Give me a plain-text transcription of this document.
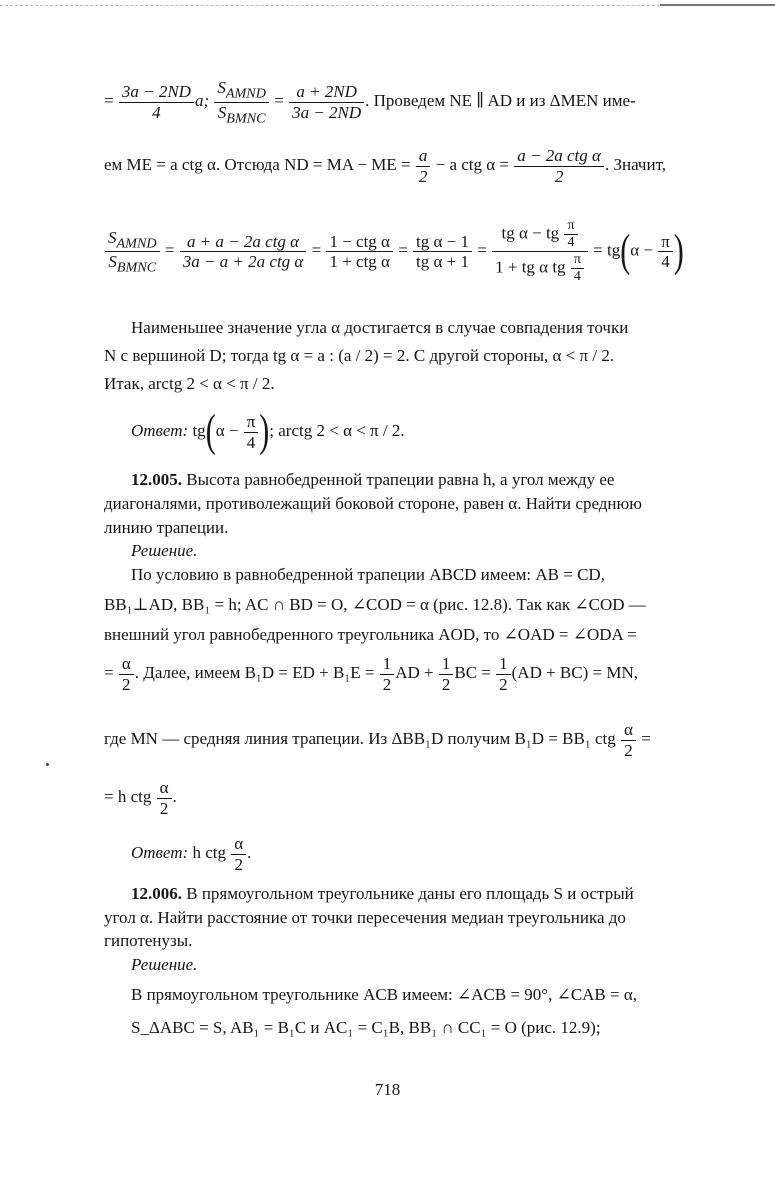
= $\frac{3a - 2ND}{4} a$; $\frac{S_{AMND}}{S_{BMNC}} = \frac{a + 2ND}{3a - 2ND}$ . Проведем NE ∥ AD и из ΔMEN име-
ем ME = a ctg α. Отсюда ND = MA − ME = $\frac{a}{2} - a$ ctg $\alpha = \frac{\text{a − 2a ctg α}}{2}$ . Значит,
$\frac{S_{AMND}}{S_{BMNC}} = \frac{\text{a + a − 2a ctg α}}{\text{3a − a + 2a ctg α}} = \frac{\text{1 − ctg α}}{\text{1 + ctg α}} = \frac{\text{tg α − 1}}{\text{tg α + 1}} = \frac{tg \alpha - tg \frac{\pi}{4}}{1 + tg \alpha tg \frac{\pi}{4}} = tg(\alpha - \frac{\pi}{4}$ )
Наименьшее значение угла α достигается в случае совпадения точки
N с вершиной D; тогда tg α = a : (a / 2) = 2. С другой стороны, α < π / 2.
Итак, arctg 2 < α < π / 2.
Ответ: $tg(\alpha - \frac{\pi}{4}$ ); arctg 2 < α < π / 2.
12.005. Высота равнобедренной трапеции равна h, а угол между ее
диагоналями, противолежащий боковой стороне, равен α. Найти среднюю
линию трапеции.
Решение.
По условию в равнобедренной трапеции ABCD имеем: AB = CD,
BB₁⊥AD, BB₁ = h; AC ∩ BD = O, ∠COD = α (рис. 12.8). Так как ∠COD —
внешний угол равнобедренного треугольника AOD, то ∠OAD = ∠ODA =
= $\frac{\alpha}{2}$ . Далее, имеем B₁D = ED + $B_1E = \frac{1}{2}$ AD + $\frac{1}{2}$ BC = $\frac{1}{2} (AD + BC)$ = MN,
где MN — средняя линия трапеции. Из ΔBB₁D получим B₁D = BB₁ ctg $\frac{\alpha}{2}$ =
= h ctg $\frac{\alpha}{2}$ .
Ответ: h ctg $\frac{\alpha}{2}$ .
12.006. В прямоугольном треугольнике даны его площадь S и острый
угол α. Найти расстояние от точки пересечения медиан треугольника до
гипотенузы.
Решение.
В прямоугольном треугольнике ACB имеем: ∠ACB = 90°, ∠CAB = α,
S_ΔABC = S, AB₁ = B₁C и AC₁ = C₁B, BB₁ ∩ CC₁ = O (рис. 12.9);
718
